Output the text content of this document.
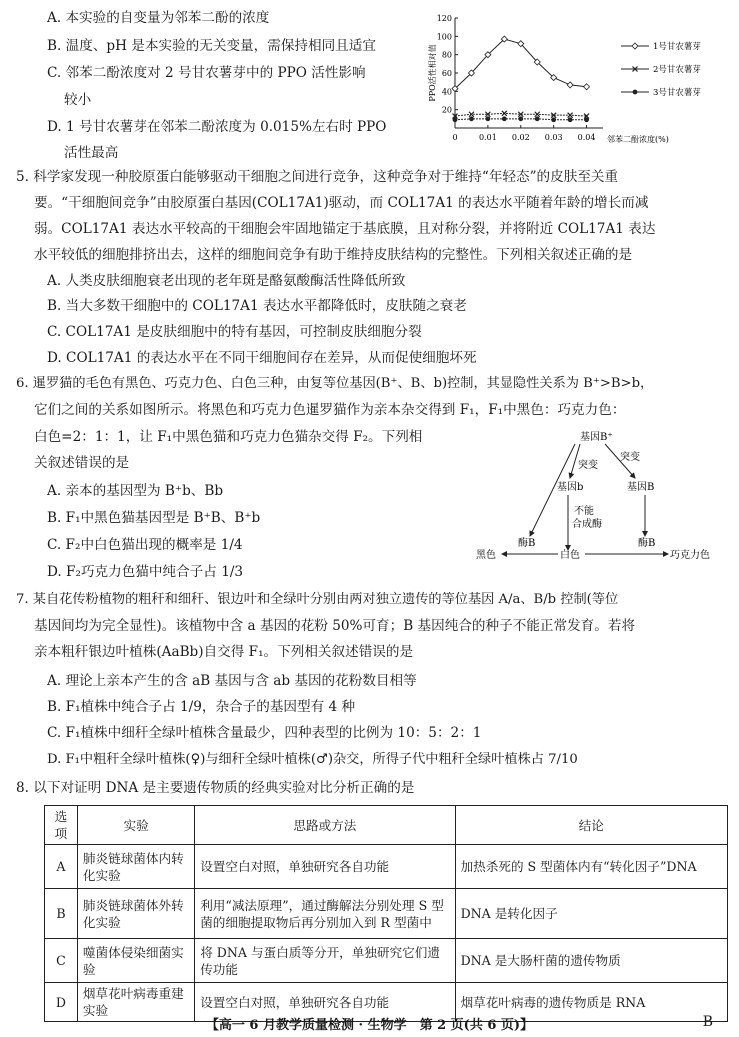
A. 本实验的自变量为邻苯二酚的浓度
B. 温度、pH 是本实验的无关变量，需保持相同且适宜
C. 邻苯二酚浓度对 2 号甘农薯芽中的 PPO 活性影响
较小
D. 1 号甘农薯芽在邻苯二酚浓度为 0.015%左右时 PPO
活性最高
20
40
60
80
100
120
0	0.01 0.02 0.03 0.04
PPO活性相对值
邻苯二酚浓度(%)
1号甘农薯芽
2号甘农薯芽
3号甘农薯芽
5. 科学家发现一种胶原蛋白能够驱动干细胞之间进行竞争，这种竞争对于维持“年轻态”的皮肤至关重
要。“干细胞间竞争”由胶原蛋白基因(COL17A1)驱动，而 COL17A1 的表达水平随着年龄的增长而减
弱。COL17A1 表达水平较高的干细胞会牢固地锚定于基底膜，且对称分裂，并将附近 COL17A1 表达
水平较低的细胞排挤出去，这样的细胞间竞争有助于维持皮肤结构的完整性。下列相关叙述正确的是
A. 人类皮肤细胞衰老出现的老年斑是酪氨酸酶活性降低所致
B. 当大多数干细胞中的 COL17A1 表达水平都降低时，皮肤随之衰老
C. COL17A1 是皮肤细胞中的特有基因，可控制皮肤细胞分裂
D. COL17A1 的表达水平在不同干细胞间存在差异，从而促使细胞坏死
6. 暹罗猫的毛色有黑色、巧克力色、白色三种，由复等位基因(B⁺、B、b)控制，其显隐性关系为 B⁺>B>b，
它们之间的关系如图所示。将黑色和巧克力色暹罗猫作为亲本杂交得到 F₁，F₁中黑色：巧克力色：
白色=2：1：1，让 F₁中黑色猫和巧克力色猫杂交得 F₂。下列相
关叙述错误的是
A. 亲本的基因型为 B⁺b、Bb
B. F₁中黑色猫基因型是 B⁺B、B⁺b
C. F₂中白色猫出现的概率是 1/4
D. F₂巧克力色猫中纯合子占 1/3
基因B⁺
突变
突变
基因b	基因B
不能
合成酶
酶B	酶B
黑色	白色	巧克力色
7. 某自花传粉植物的粗秆和细秆、银边叶和全绿叶分别由两对独立遗传的等位基因 A/a、B/b 控制(等位
基因间均为完全显性)。该植物中含 a 基因的花粉 50%可育；B 基因纯合的种子不能正常发育。若将
亲本粗秆银边叶植株(AaBb)自交得 F₁。下列相关叙述错误的是
A. 理论上亲本产生的含 aB 基因与含 ab 基因的花粉数目相等
B. F₁植株中纯合子占 1/9，杂合子的基因型有 4 种
C. F₁植株中细秆全绿叶植株含量最少，四种表型的比例为 10：5：2：1
D. F₁中粗秆全绿叶植株(♀)与细秆全绿叶植株(♂)杂交，所得子代中粗秆全绿叶植株占 7/10
8. 以下对证明 DNA 是主要遗传物质的经典实验对比分析正确的是
选项	实验	思路或方法	结论
A	肺炎链球菌体内转化实验	设置空白对照，单独研究各自功能	加热杀死的 S 型菌体内有“转化因子”DNA
B	肺炎链球菌体外转化实验	利用“减法原理”，通过酶解法分别处理 S 型菌的细胞提取物后再分别加入到 R 型菌中	DNA 是转化因子
C	噬菌体侵染细菌实验	将 DNA 与蛋白质等分开，单独研究它们遗传功能	DNA 是大肠杆菌的遗传物质
D	烟草花叶病毒重建实验	设置空白对照，单独研究各自功能	烟草花叶病毒的遗传物质是 RNA
【高一 6 月教学质量检测 · 生物学　第 2 页(共 6 页)】	B
